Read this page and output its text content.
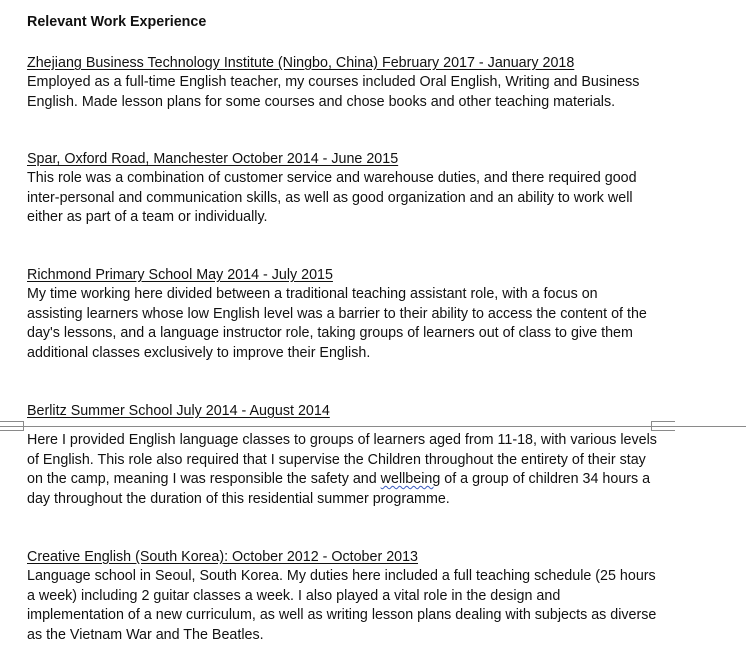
Relevant Work Experience

Zhejiang Business Technology Institute (Ningbo, China) February 2017 - January 2018

Employed as a full-time English teacher, my courses included Oral English, Writing and Business English. Made lesson plans for some courses and chose books and other teaching materials.

Spar, Oxford Road, Manchester October 2014 - June 2015

This role was a combination of customer service and warehouse duties, and there required good inter-personal and communication skills, as well as good organization and an ability to work well either as part of a team or individually.

Richmond Primary School May 2014 - July 2015

My time working here divided between a traditional teaching assistant role, with a focus on assisting learners whose low English level was a barrier to their ability to access the content of the day's lessons, and a language instructor role, taking groups of learners out of class to give them additional classes exclusively to improve their English.

Berlitz Summer School July 2014 - August 2014

Here I provided English language classes to groups of learners aged from 11-18, with various levels of English. This role also required that I supervise the Children throughout the entirety of their stay on the camp, meaning I was responsible the safety and wellbeing of a group of children 34 hours a day throughout the duration of this residential summer programme.

Creative English (South Korea): October 2012 - October 2013

Language school in Seoul, South Korea. My duties here included a full teaching schedule (25 hours a week) including 2 guitar classes a week. I also played a vital role in the design and implementation of a new curriculum, as well as writing lesson plans dealing with subjects as diverse as the Vietnam War and The Beatles.
